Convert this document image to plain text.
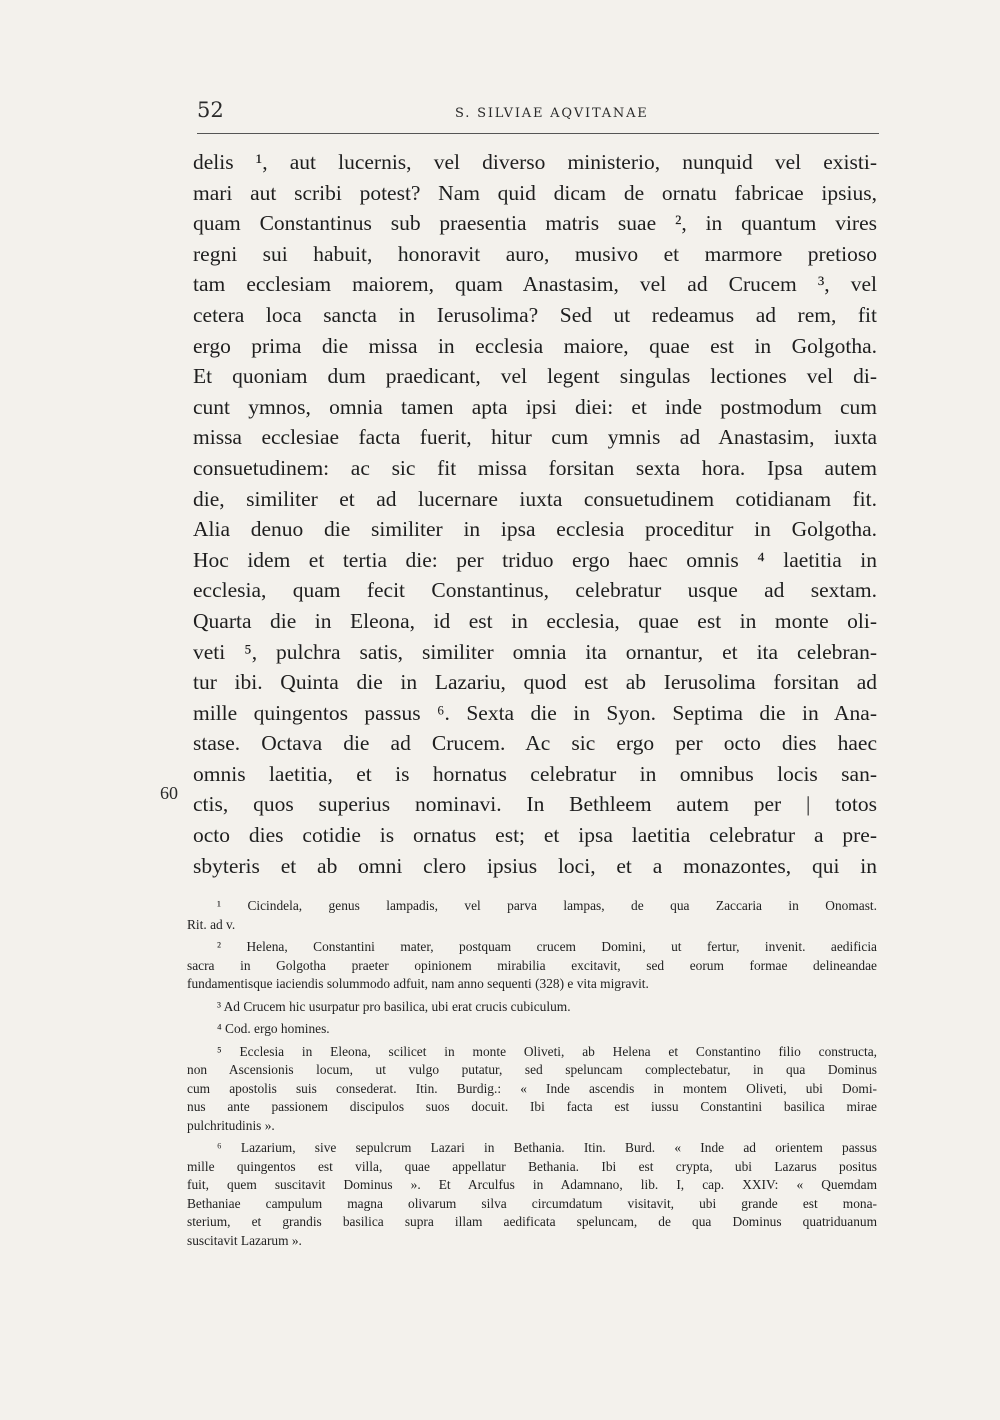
52	S. SILVIAE AQVITANAE
delis ¹, aut lucernis, vel diverso ministerio, nunquid vel existi-
mari aut scribi potest? Nam quid dicam de ornatu fabricae ipsius,
quam Constantinus sub praesentia matris suae ², in quantum vires
regni sui habuit, honoravit auro, musivo et marmore pretioso
tam ecclesiam maiorem, quam Anastasim, vel ad Crucem ³, vel
cetera loca sancta in Ierusolima? Sed ut redeamus ad rem, fit
ergo prima die missa in ecclesia maiore, quae est in Golgotha.
Et quoniam dum praedicant, vel legent singulas lectiones vel di-
cunt ymnos, omnia tamen apta ipsi diei: et inde postmodum cum
missa ecclesiae facta fuerit, hitur cum ymnis ad Anastasim, iuxta
consuetudinem: ac sic fit missa forsitan sexta hora. Ipsa autem
die, similiter et ad lucernare iuxta consuetudinem cotidianam fit.
Alia denuo die similiter in ipsa ecclesia proceditur in Golgotha.
Hoc idem et tertia die: per triduo ergo haec omnis ⁴ laetitia in
ecclesia, quam fecit Constantinus, celebratur usque ad sextam.
Quarta die in Eleona, id est in ecclesia, quae est in monte oli-
veti ⁵, pulchra satis, similiter omnia ita ornantur, et ita celebran-
tur ibi. Quinta die in Lazariu, quod est ab Ierusolima forsitan ad
mille quingentos passus ⁶. Sexta die in Syon. Septima die in Ana-
stase. Octava die ad Crucem. Ac sic ergo per octo dies haec
omnis laetitia, et is hornatus celebratur in omnibus locis san-
ctis, quos superius nominavi. In Bethleem autem per | totos
octo dies cotidie is ornatus est; et ipsa laetitia celebratur a pre-
sbyteris et ab omni clero ipsius loci, et a monazontes, qui in
60
¹ Cicindela, genus lampadis, vel parva lampas, de qua Zaccaria in Onomast.
Rit. ad v.
² Helena, Constantini mater, postquam crucem Domini, ut fertur, invenit. aedificia
sacra in Golgotha praeter opinionem mirabilia excitavit, sed eorum formae delineandae
fundamentisque iaciendis solummodo adfuit, nam anno sequenti (328) e vita migravit.
³ Ad Crucem hic usurpatur pro basilica, ubi erat crucis cubiculum.
⁴ Cod. ergo homines.
⁵ Ecclesia in Eleona, scilicet in monte Oliveti, ab Helena et Constantino filio constructa,
non Ascensionis locum, ut vulgo putatur, sed speluncam complectebatur, in qua Dominus
cum apostolis suis consederat. Itin. Burdig.: « Inde ascendis in montem Oliveti, ubi Domi-
nus ante passionem discipulos suos docuit. Ibi facta est iussu Constantini basilica mirae
pulchritudinis ».
⁶ Lazarium, sive sepulcrum Lazari in Bethania. Itin. Burd. « Inde ad orientem passus
mille quingentos est villa, quae appellatur Bethania. Ibi est crypta, ubi Lazarus positus
fuit, quem suscitavit Dominus ». Et Arculfus in Adamnano, lib. I, cap. XXIV: « Quemdam
Bethaniae campulum magna olivarum silva circumdatum visitavit, ubi grande est mona-
sterium, et grandis basilica supra illam aedificata speluncam, de qua Dominus quatriduanum
suscitavit Lazarum ».
